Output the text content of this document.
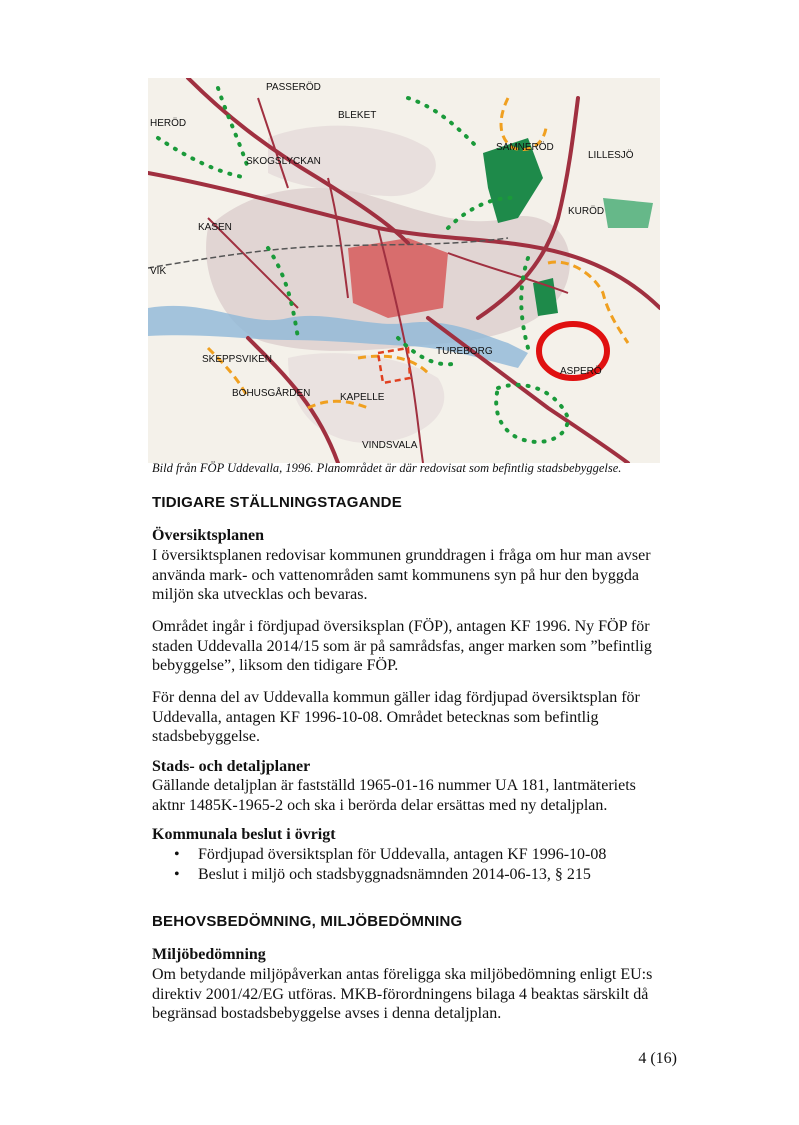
PASSERÖD
HERÖD
BLEKET
SKOGSLYCKAN
SAMNERÖD
LILLESJÖ
KURÖD
KASEN
VIK
SKEPPSVIKEN
TUREBORG
ASPERÖ
BOHUSGÅRDEN	KAPELLE
VINDSVALA
Bild från FÖP Uddevalla, 1996. Planområdet är där redovisat som befintlig stadsbebyggelse.
TIDIGARE STÄLLNINGSTAGANDE
Översiktsplanen

I översiktsplanen redovisar kommunen grunddragen i fråga om hur man avser använda mark- och vattenområden samt kommunens syn på hur den byggda miljön ska utvecklas och bevaras.

Området ingår i fördjupad översiksplan (FÖP), antagen KF 1996. Ny FÖP för staden Uddevalla 2014/15 som är på samrådsfas, anger marken som ”befintlig bebyggelse”, liksom den tidigare FÖP.

För denna del av Uddevalla kommun gäller idag fördjupad översiktsplan för Uddevalla, antagen KF 1996-10-08. Området betecknas som befintlig stadsbebyggelse.

Stads- och detaljplaner

Gällande detaljplan är fastställd 1965-01-16 nummer UA 181, lantmäteriets aktnr 1485K-1965-2 och ska i berörda delar ersättas med ny detaljplan.

Kommunala beslut i övrigt
• Fördjupad översiktsplan för Uddevalla, antagen KF 1996-10-08
• Beslut i miljö och stadsbyggnadsnämnden 2014-06-13, § 215
BEHOVSBEDÖMNING, MILJÖBEDÖMNING
Miljöbedömning

Om betydande miljöpåverkan antas föreligga ska miljöbedömning enligt EU:s direktiv 2001/42/EG utföras. MKB-förordningens bilaga 4 beaktas särskilt då begränsad bostadsbebyggelse avses i denna detaljplan.

4 (16)
